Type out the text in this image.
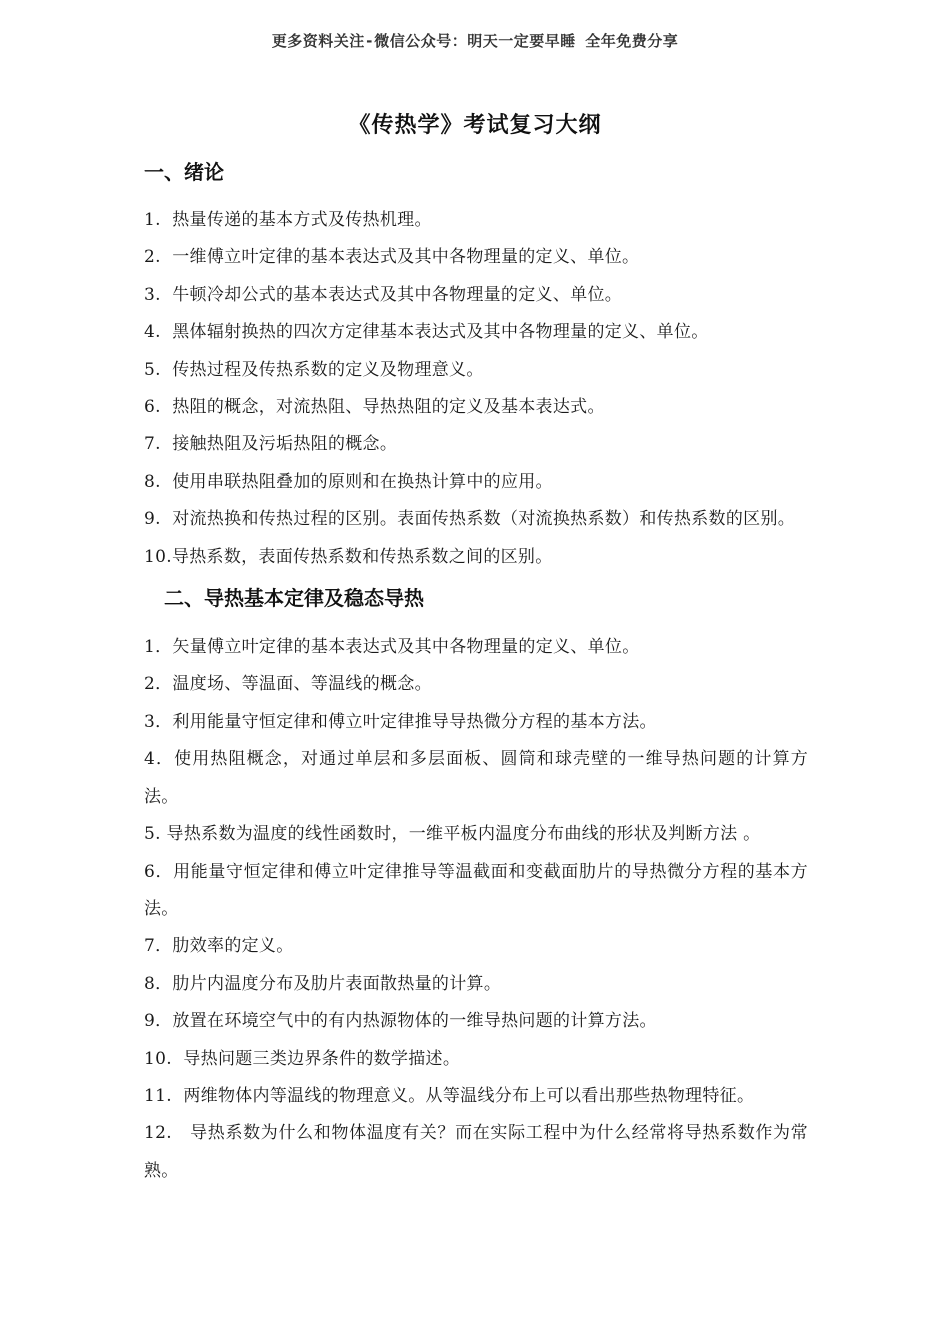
更多资料关注-微信公众号：明天一定要早睡 全年免费分享
《传热学》考试复习大纲
一、绪论
1. 热量传递的基本方式及传热机理。
2. 一维傅立叶定律的基本表达式及其中各物理量的定义、单位。
3. 牛顿冷却公式的基本表达式及其中各物理量的定义、单位。
4. 黑体辐射换热的四次方定律基本表达式及其中各物理量的定义、单位。
5. 传热过程及传热系数的定义及物理意义。
6. 热阻的概念，对流热阻、导热热阻的定义及基本表达式。
7. 接触热阻及污垢热阻的概念。
8. 使用串联热阻叠加的原则和在换热计算中的应用。
9. 对流热换和传热过程的区别。表面传热系数（对流换热系数）和传热系数的区别。
10.导热系数，表面传热系数和传热系数之间的区别。
二、导热基本定律及稳态导热
1．矢量傅立叶定律的基本表达式及其中各物理量的定义、单位。
2．温度场、等温面、等温线的概念。
3．利用能量守恒定律和傅立叶定律推导导热微分方程的基本方法。
4．使用热阻概念，对通过单层和多层面板、圆筒和球壳壁的一维导热问题的计算方法。
5. 导热系数为温度的线性函数时，一维平板内温度分布曲线的形状及判断方法 。
6．用能量守恒定律和傅立叶定律推导等温截面和变截面肋片的导热微分方程的基本方法。
7．肋效率的定义。
8．肋片内温度分布及肋片表面散热量的计算。
9．放置在环境空气中的有内热源物体的一维导热问题的计算方法。
10. 导热问题三类边界条件的数学描述。
11. 两维物体内等温线的物理意义。从等温线分布上可以看出那些热物理特征。
12. 导热系数为什么和物体温度有关？而在实际工程中为什么经常将导热系数作为常熟。
